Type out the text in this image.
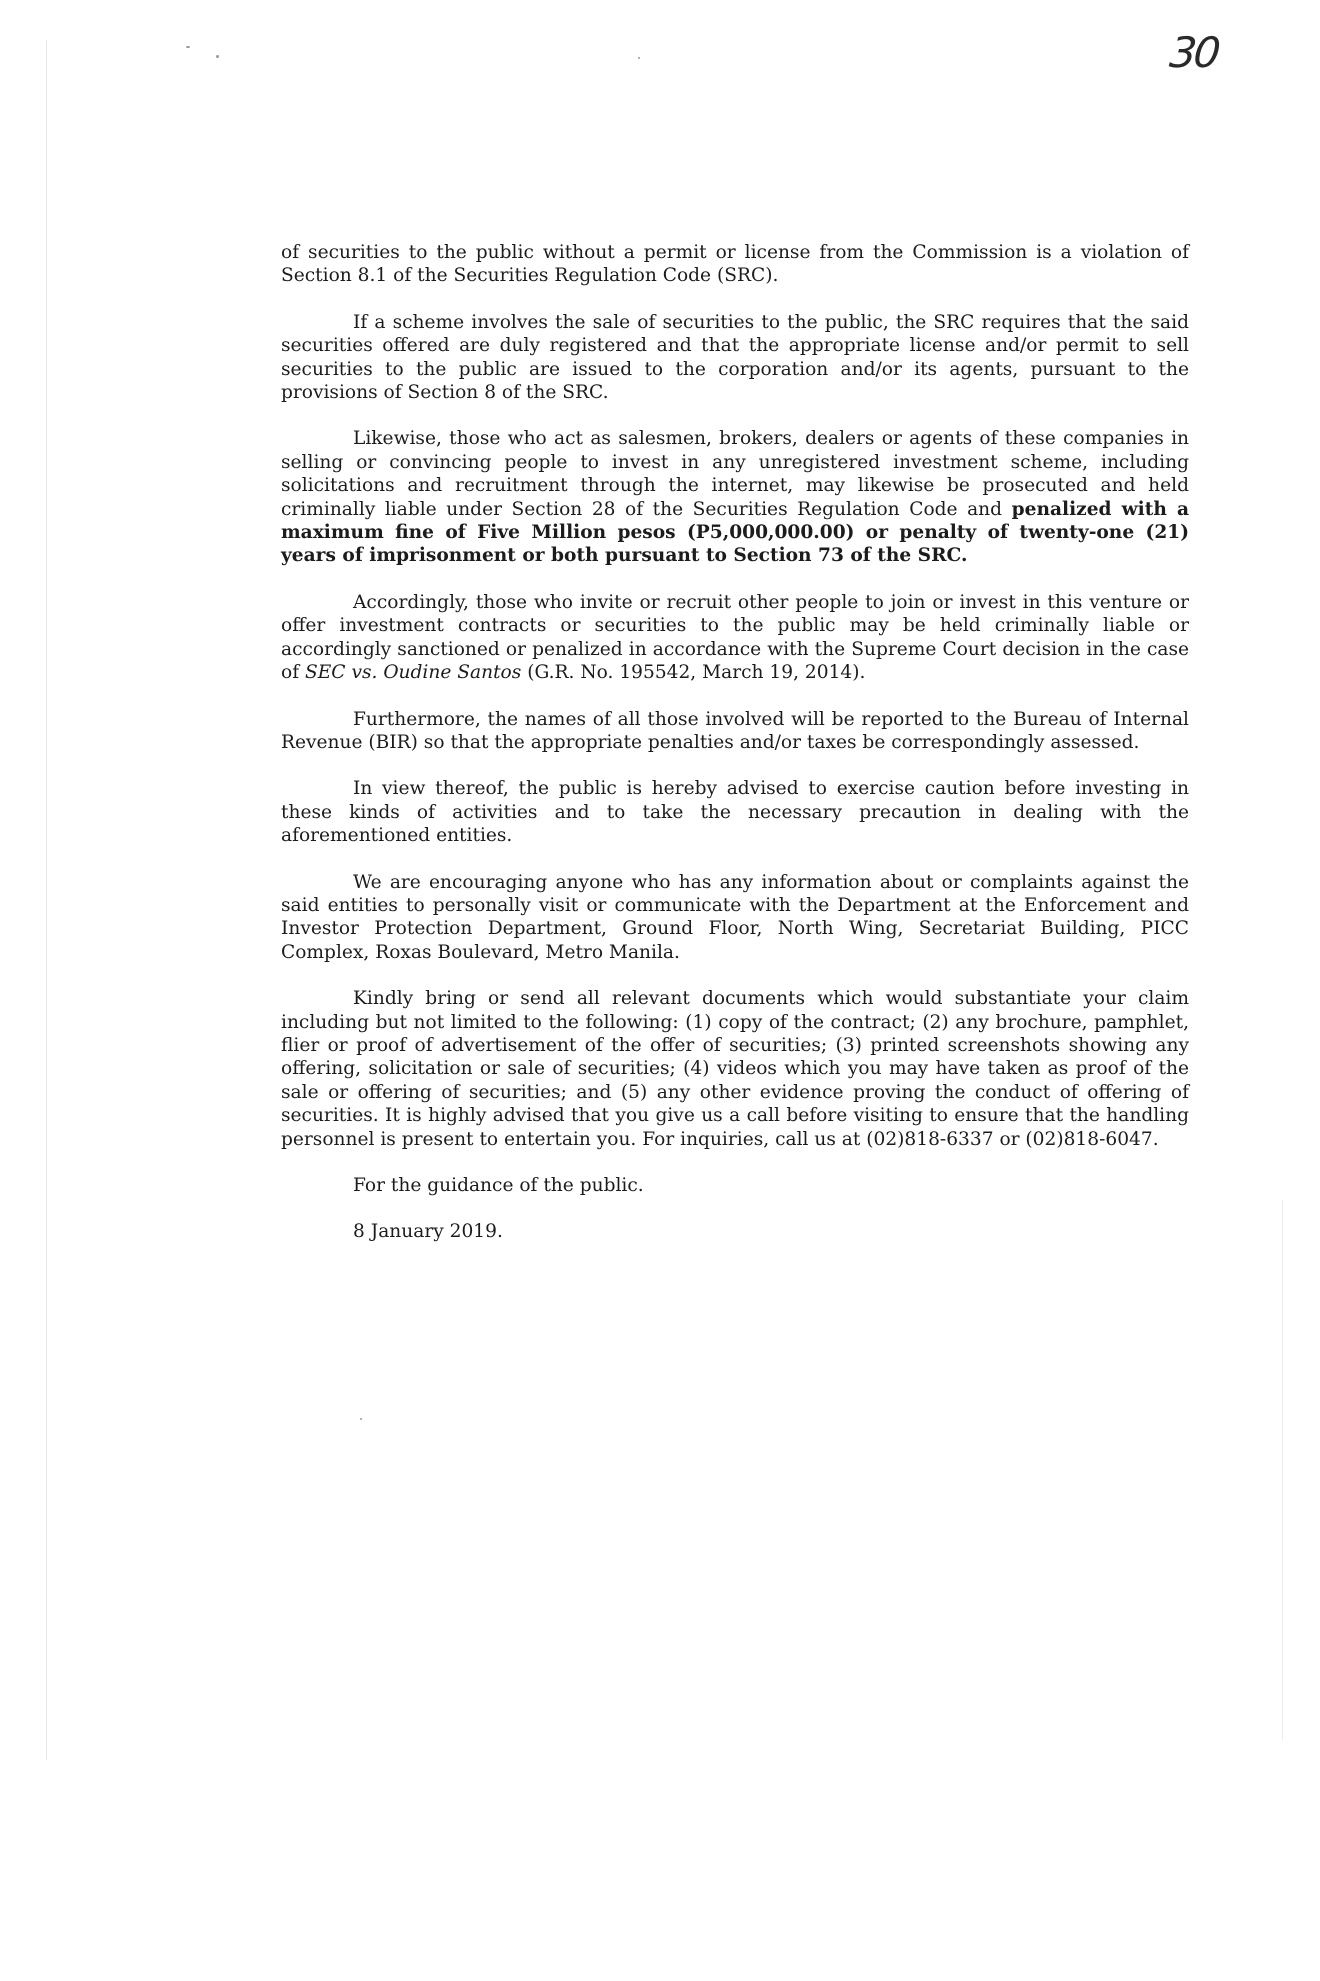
30

of securities to the public without a permit or license from the Commission is a violation of Section 8.1 of the Securities Regulation Code (SRC).

If a scheme involves the sale of securities to the public, the SRC requires that the said securities offered are duly registered and that the appropriate license and/or permit to sell securities to the public are issued to the corporation and/or its agents, pursuant to the provisions of Section 8 of the SRC.

Likewise, those who act as salesmen, brokers, dealers or agents of these companies in selling or convincing people to invest in any unregistered investment scheme, including solicitations and recruitment through the internet, may likewise be prosecuted and held criminally liable under Section 28 of the Securities Regulation Code and penalized with a maximum fine of Five Million pesos (P5,000,000.00) or penalty of twenty-one (21) years of imprisonment or both pursuant to Section 73 of the SRC.

Accordingly, those who invite or recruit other people to join or invest in this venture or offer investment contracts or securities to the public may be held criminally liable or accordingly sanctioned or penalized in accordance with the Supreme Court decision in the case of SEC vs. Oudine Santos (G.R. No. 195542, March 19, 2014).

Furthermore, the names of all those involved will be reported to the Bureau of Internal Revenue (BIR) so that the appropriate penalties and/or taxes be correspondingly assessed.

In view thereof, the public is hereby advised to exercise caution before investing in these kinds of activities and to take the necessary precaution in dealing with the aforementioned entities.

We are encouraging anyone who has any information about or complaints against the said entities to personally visit or communicate with the Department at the Enforcement and Investor Protection Department, Ground Floor, North Wing, Secretariat Building, PICC Complex, Roxas Boulevard, Metro Manila.

Kindly bring or send all relevant documents which would substantiate your claim including but not limited to the following: (1) copy of the contract; (2) any brochure, pamphlet, flier or proof of advertisement of the offer of securities; (3) printed screenshots showing any offering, solicitation or sale of securities; (4) videos which you may have taken as proof of the sale or offering of securities; and (5) any other evidence proving the conduct of offering of securities. It is highly advised that you give us a call before visiting to ensure that the handling personnel is present to entertain you. For inquiries, call us at (02)818-6337 or (02)818-6047.

For the guidance of the public.

8 January 2019.
